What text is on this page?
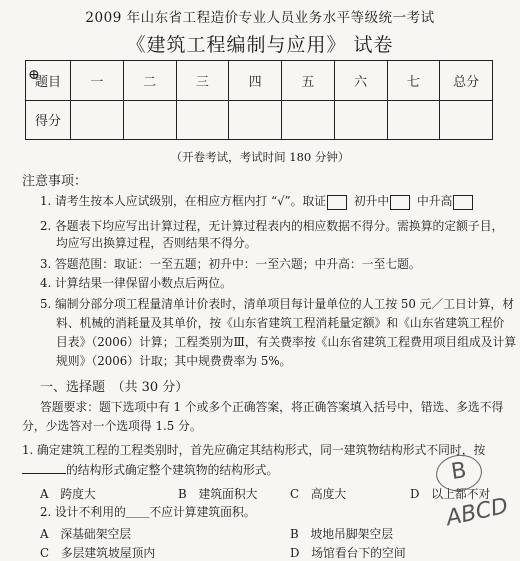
2009 年山东省工程造价专业人员业务水平等级统一考试
《建筑工程编制与应用》 试卷
⊕
题目	一	二	三	四	五	六	七	总分
得分								
（开卷考试，考试时间 180 分钟）
注意事项：
1. 请考生按本人应试级别，在相应方框内打 “√”。取证 初升中 中升高
2. 各题表下均应写出计算过程，无计算过程表内的相应数据不得分。需换算的定额子目，
均应写出换算过程，否则结果不得分。
3. 答题范围：取证：一至五题；初升中：一至六题；中升高：一至七题。
4. 计算结果一律保留小数点后两位。
5. 编制分部分项工程量清单计价表时，清单项目每计量单位的人工按 50 元／工日计算，材
料、机械的消耗量及其单价，按《山东省建筑工程消耗量定额》和《山东省建筑工程价
目表》（2006）计算；工程类别为Ⅲ，有关费率按《山东省建筑工程费用项目组成及计算
规则》（2006）计取；其中规费费率为 5%。
一、选择题　（共 30 分）
答题要求：题下选项中有 1 个或多个正确答案，将正确答案填入括号中，错选、多选不得
分，少选答对一个选项得 1.5 分。
1. 确定建筑工程的工程类别时，首先应确定其结构形式，同一建筑物结构形式不同时，按
的结构形式确定整个建筑物的结构形式。
A　跨度大	B　建筑面积大	C　高度大	D　以上都不对
2. 设计不利用的＿＿不应计算建筑面积。
A　深基础架空层	B　坡地吊脚架空层
C　多层建筑坡屋顶内	D　场馆看台下的空间
B
ABCD
